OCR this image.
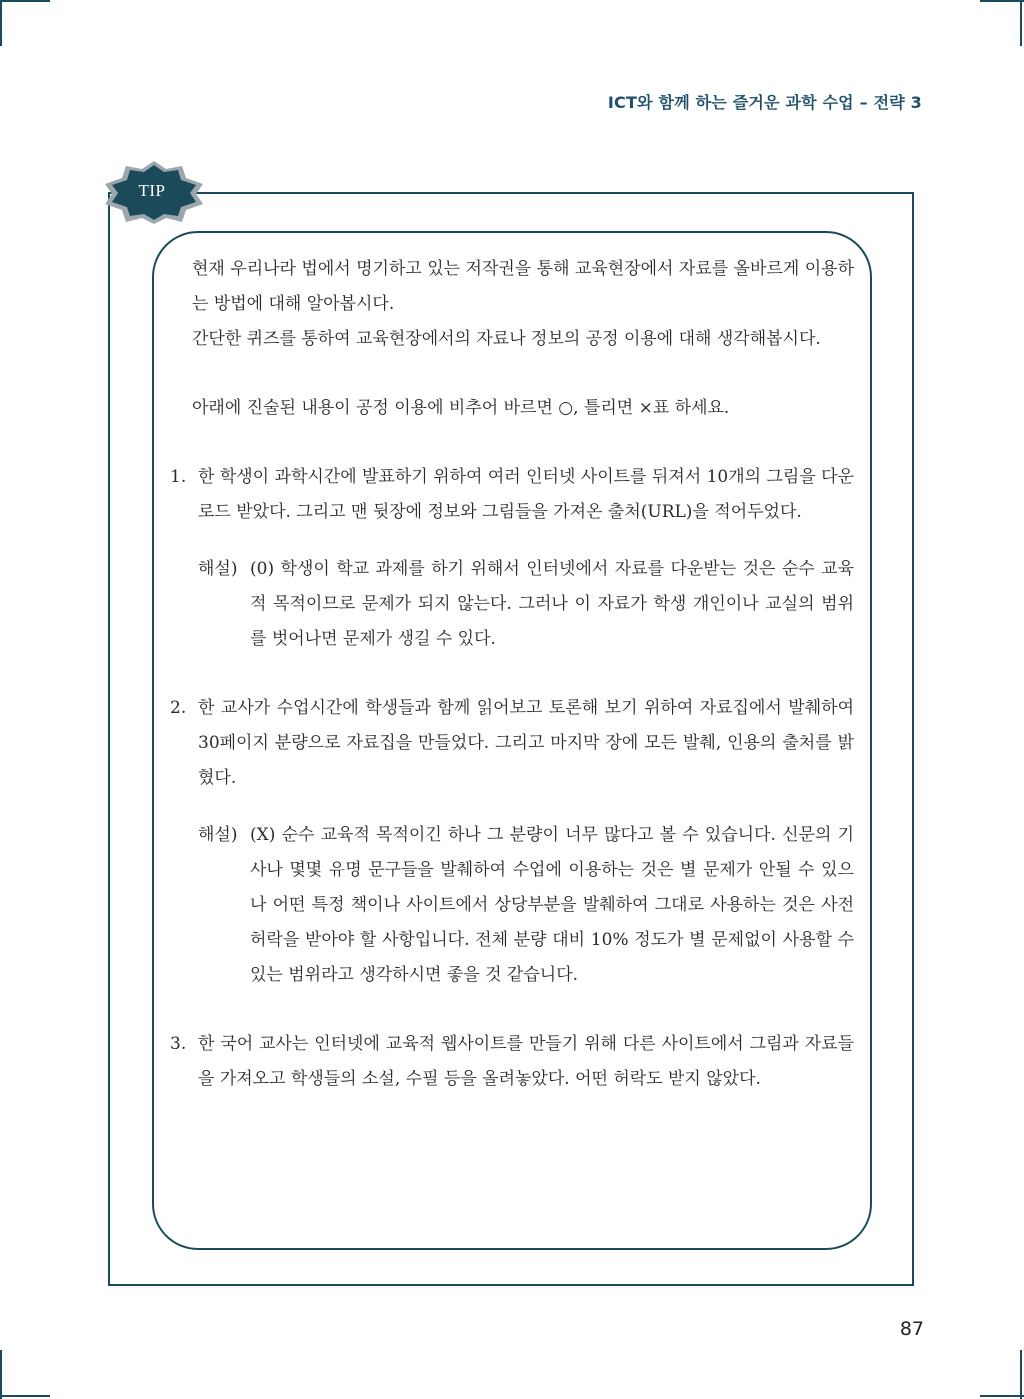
ICT와 함께 하는 즐거운 과학 수업 – 전략 3
TIP

현재 우리나라 법에서 명기하고 있는 저작권을 통해 교육현장에서 자료를 올바르게 이용하는 방법에 대해 알아봅시다.

간단한 퀴즈를 통하여 교육현장에서의 자료나 정보의 공정 이용에 대해 생각해봅시다.

아래에 진술된 내용이 공정 이용에 비추어 바르면 ○, 틀리면 ×표 하세요.

1. 한 학생이 과학시간에 발표하기 위하여 여러 인터넷 사이트를 뒤져서 10개의 그림을 다운로드 받았다. 그리고 맨 뒷장에 정보와 그림들을 가져온 출처(URL)을 적어두었다.

해설) (0) 학생이 학교 과제를 하기 위해서 인터넷에서 자료를 다운받는 것은 순수 교육적 목적이므로 문제가 되지 않는다. 그러나 이 자료가 학생 개인이나 교실의 범위를 벗어나면 문제가 생길 수 있다.

2. 한 교사가 수업시간에 학생들과 함께 읽어보고 토론해 보기 위하여 자료집에서 발췌하여 30페이지 분량으로 자료집을 만들었다. 그리고 마지막 장에 모든 발췌, 인용의 출처를 밝혔다.

해설) (X) 순수 교육적 목적이긴 하나 그 분량이 너무 많다고 볼 수 있습니다. 신문의 기사나 몇몇 유명 문구들을 발췌하여 수업에 이용하는 것은 별 문제가 안될 수 있으나 어떤 특정 책이나 사이트에서 상당부분을 발췌하여 그대로 사용하는 것은 사전 허락을 받아야 할 사항입니다. 전체 분량 대비 10% 정도가 별 문제없이 사용할 수 있는 범위라고 생각하시면 좋을 것 같습니다.

3. 한 국어 교사는 인터넷에 교육적 웹사이트를 만들기 위해 다른 사이트에서 그림과 자료들을 가져오고 학생들의 소설, 수필 등을 올려놓았다. 어떤 허락도 받지 않았다.

87
